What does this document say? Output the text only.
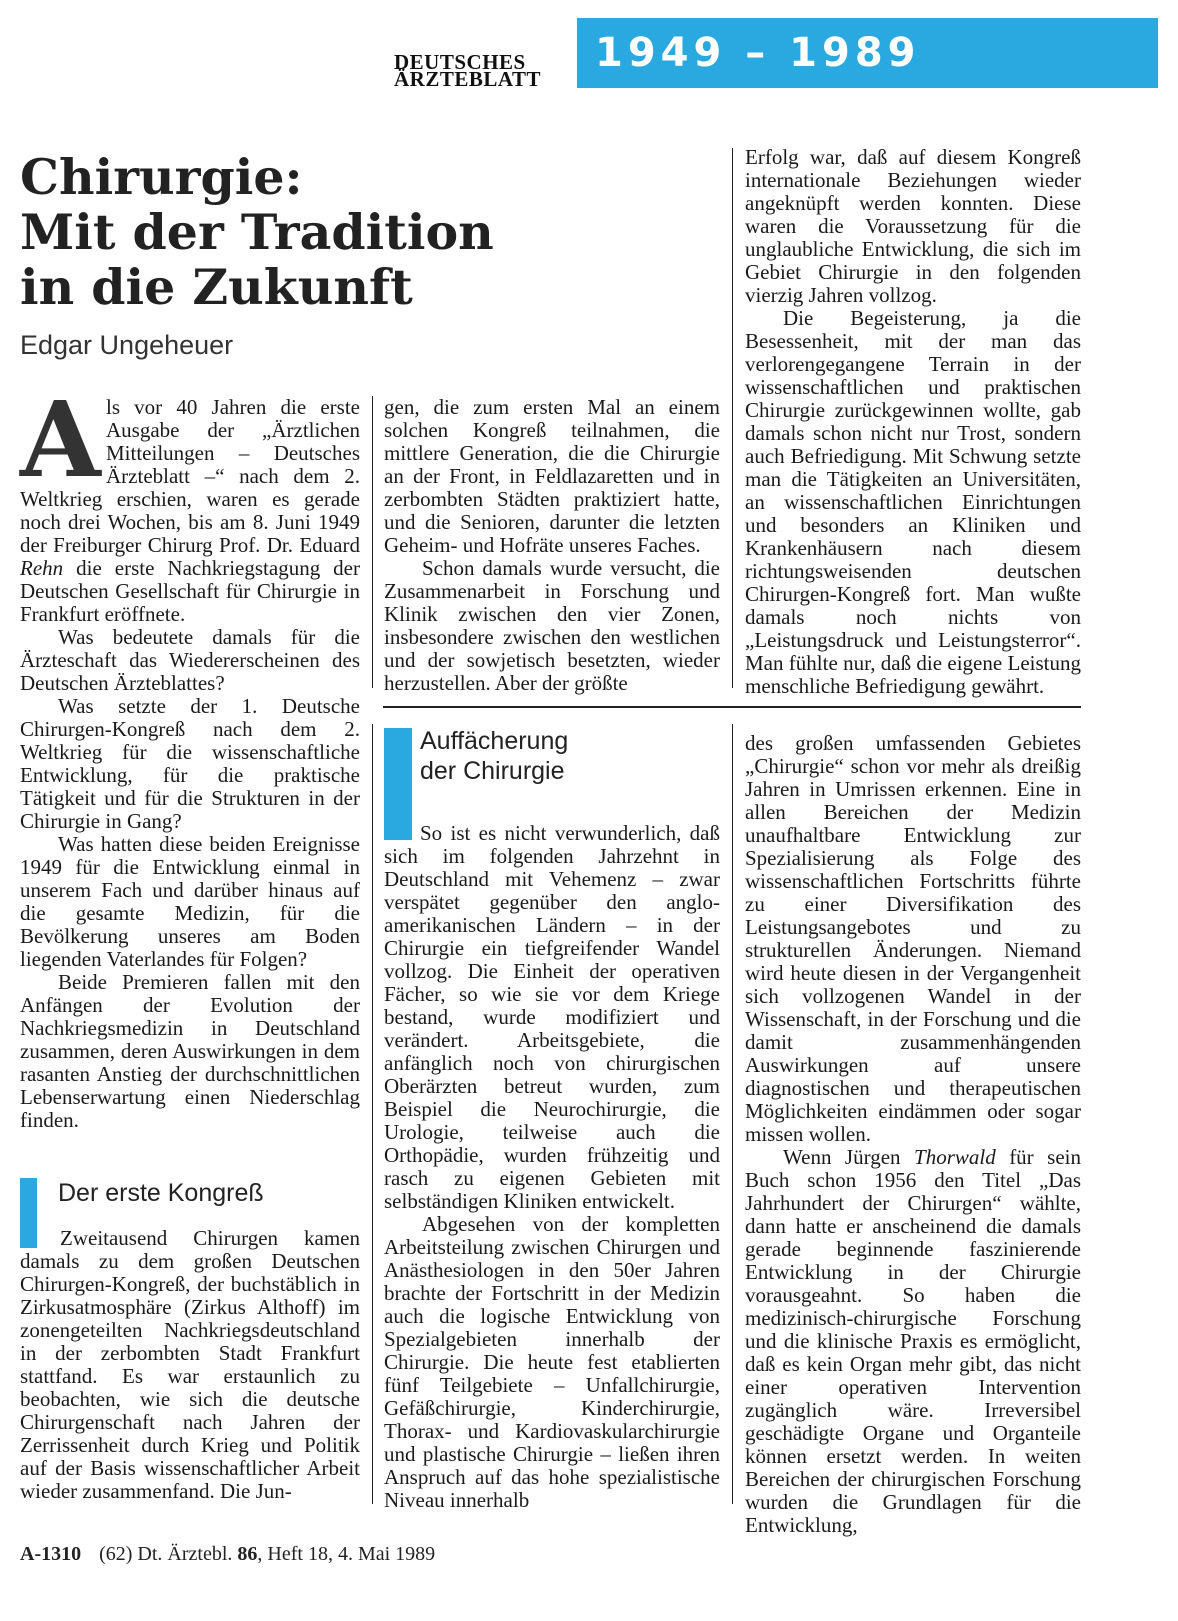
DEUTSCHES
ÄRZTEBLATT
1949 – 1989
Chirurgie:
Mit der Tradition
in die Zukunft
Edgar Ungeheuer

Als vor 40 Jahren die erste Ausgabe der „Ärztlichen Mitteilungen – Deutsches Ärzteblatt –“ nach dem 2. Weltkrieg erschien, waren es gerade noch drei Wochen, bis am 8. Juni 1949 der Freiburger Chirurg Prof. Dr. Eduard Rehn die erste Nachkriegstagung der Deutschen Gesellschaft für Chirurgie in Frankfurt eröffnete.

Was bedeutete damals für die Ärzteschaft das Wiedererscheinen des Deutschen Ärzteblattes?

Was setzte der 1. Deutsche Chirurgen-Kongreß nach dem 2. Weltkrieg für die wissenschaftliche Entwicklung, für die praktische Tätigkeit und für die Strukturen in der Chirurgie in Gang?

Was hatten diese beiden Ereignisse 1949 für die Entwicklung einmal in unserem Fach und darüber hinaus auf die gesamte Medizin, für die Bevölkerung unseres am Boden liegenden Vaterlandes für Folgen?

Beide Premieren fallen mit den Anfängen der Evolution der Nachkriegsmedizin in Deutschland zusammen, deren Auswirkungen in dem rasanten Anstieg der durchschnittlichen Lebenserwartung einen Niederschlag finden.

Der erste Kongreß

Zweitausend Chirurgen kamen damals zu dem großen Deutschen Chirurgen-Kongreß, der buchstäblich in Zirkusatmosphäre (Zirkus Althoff) im zonengeteilten Nachkriegsdeutschland in der zerbombten Stadt Frankfurt stattfand. Es war erstaunlich zu beobachten, wie sich die deutsche Chirurgenschaft nach Jahren der Zerrissenheit durch Krieg und Politik auf der Basis wissenschaftlicher Arbeit wieder zusammenfand. Die Jun-

gen, die zum ersten Mal an einem solchen Kongreß teilnahmen, die mittlere Generation, die die Chirurgie an der Front, in Feldlazaretten und in zerbombten Städten praktiziert hatte, und die Senioren, darunter die letzten Geheim- und Hofräte unseres Faches.

Schon damals wurde versucht, die Zusammenarbeit in Forschung und Klinik zwischen den vier Zonen, insbesondere zwischen den westlichen und der sowjetisch besetzten, wieder herzustellen. Aber der größte

Erfolg war, daß auf diesem Kongreß internationale Beziehungen wieder angeknüpft werden konnten. Diese waren die Voraussetzung für die unglaubliche Entwicklung, die sich im Gebiet Chirurgie in den folgenden vierzig Jahren vollzog.

Die Begeisterung, ja die Besessenheit, mit der man das verlorengegangene Terrain in der wissenschaftlichen und praktischen Chirurgie zurückgewinnen wollte, gab damals schon nicht nur Trost, sondern auch Befriedigung. Mit Schwung setzte man die Tätigkeiten an Universitäten, an wissenschaftlichen Einrichtungen und besonders an Kliniken und Krankenhäusern nach diesem richtungsweisenden deutschen Chirurgen-Kongreß fort. Man wußte damals noch nichts von „Leistungsdruck und Leistungsterror“. Man fühlte nur, daß die eigene Leistung menschliche Befriedigung gewährt.

Auffächerung
der Chirurgie

So ist es nicht verwunderlich, daß sich im folgenden Jahrzehnt in Deutschland mit Vehemenz – zwar verspätet gegenüber den anglo-amerikanischen Ländern – in der Chirurgie ein tiefgreifender Wandel vollzog. Die Einheit der operativen Fächer, so wie sie vor dem Kriege bestand, wurde modifiziert und verändert. Arbeitsgebiete, die anfänglich noch von chirurgischen Oberärzten betreut wurden, zum Beispiel die Neurochirurgie, die Urologie, teilweise auch die Orthopädie, wurden frühzeitig und rasch zu eigenen Gebieten mit selbständigen Kliniken entwickelt.

Abgesehen von der kompletten Arbeitsteilung zwischen Chirurgen und Anästhesiologen in den 50er Jahren brachte der Fortschritt in der Medizin auch die logische Entwicklung von Spezialgebieten innerhalb der Chirurgie. Die heute fest etablierten fünf Teilgebiete – Unfallchirurgie, Gefäßchirurgie, Kinderchirurgie, Thorax- und Kardiovaskularchirurgie und plastische Chirurgie – ließen ihren Anspruch auf das hohe spezialistische Niveau innerhalb

des großen umfassenden Gebietes „Chirurgie“ schon vor mehr als dreißig Jahren in Umrissen erkennen. Eine in allen Bereichen der Medizin unaufhaltbare Entwicklung zur Spezialisierung als Folge des wissenschaftlichen Fortschritts führte zu einer Diversifikation des Leistungsangebotes und zu strukturellen Änderungen. Niemand wird heute diesen in der Vergangenheit sich vollzogenen Wandel in der Wissenschaft, in der Forschung und die damit zusammenhängenden Auswirkungen auf unsere diagnostischen und therapeutischen Möglichkeiten eindämmen oder sogar missen wollen.

Wenn Jürgen Thorwald für sein Buch schon 1956 den Titel „Das Jahrhundert der Chirurgen“ wählte, dann hatte er anscheinend die damals gerade beginnende faszinierende Entwicklung in der Chirurgie vorausgeahnt. So haben die medizinisch-chirurgische Forschung und die klinische Praxis es ermöglicht, daß es kein Organ mehr gibt, das nicht einer operativen Intervention zugänglich wäre. Irreversibel geschädigte Organe und Organteile können ersetzt werden. In weiten Bereichen der chirurgischen Forschung wurden die Grundlagen für die Entwicklung,

A-1310 (62) Dt. Ärztebl. 86, Heft 18, 4. Mai 1989
